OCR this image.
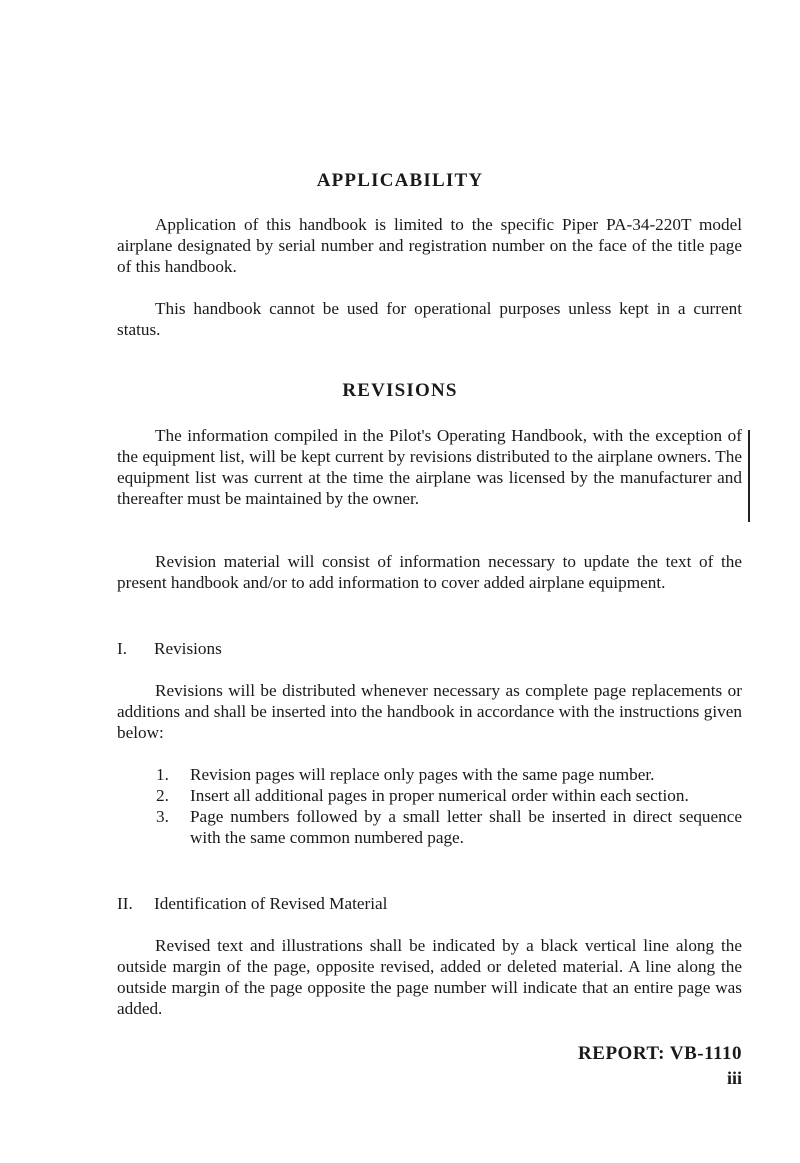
APPLICABILITY

Application of this handbook is limited to the specific Piper PA-34-220T model airplane designated by serial number and registration number on the face of the title page of this handbook.

This handbook cannot be used for operational purposes unless kept in a current status.

REVISIONS

The information compiled in the Pilot's Operating Handbook, with the exception of the equipment list, will be kept current by revisions distributed to the airplane owners. The equipment list was current at the time the airplane was licensed by the manufacturer and thereafter must be maintained by the owner.

Revision material will consist of information necessary to update the text of the present handbook and/or to add information to cover added airplane equipment.

I. Revisions

Revisions will be distributed whenever necessary as complete page replacements or additions and shall be inserted into the handbook in accordance with the instructions given below:

1. Revision pages will replace only pages with the same page number.
2. Insert all additional pages in proper numerical order within each section.
3. Page numbers followed by a small letter shall be inserted in direct sequence with the same common numbered page.
II. Identification of Revised Material

Revised text and illustrations shall be indicated by a black vertical line along the outside margin of the page, opposite revised, added or deleted material. A line along the outside margin of the page opposite the page number will indicate that an entire page was added.

REPORT: VB-1110
iii
